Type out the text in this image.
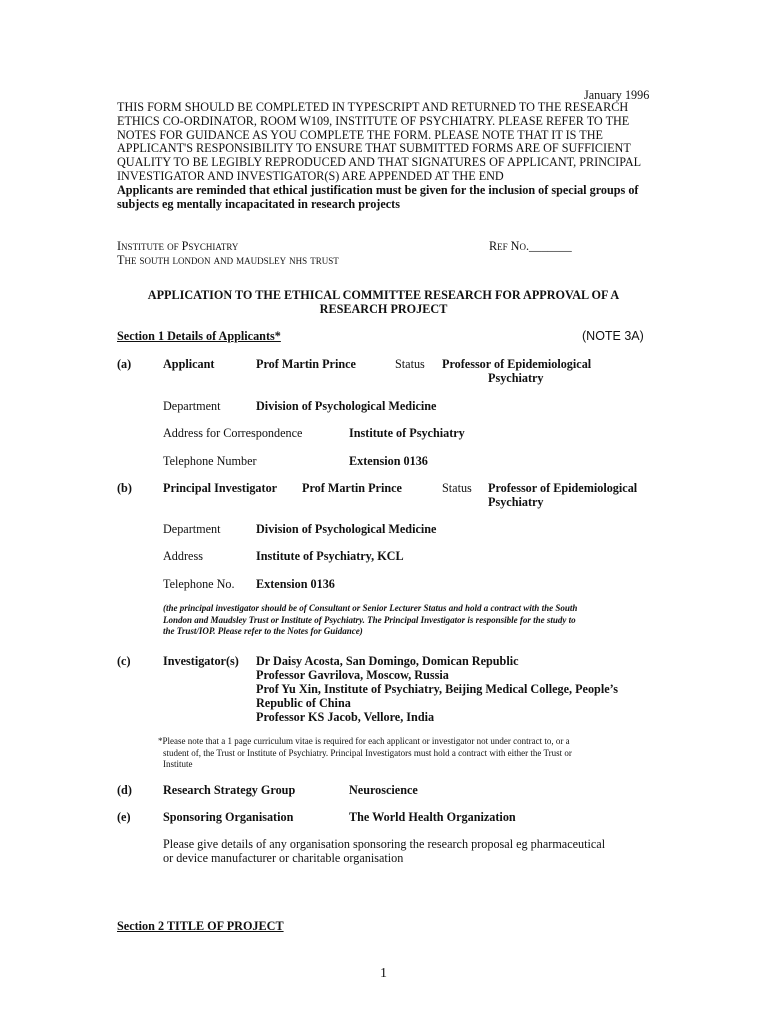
January 1996

THIS FORM SHOULD BE COMPLETED IN TYPESCRIPT AND RETURNED TO THE RESEARCH ETHICS CO-ORDINATOR, ROOM W109, INSTITUTE OF PSYCHIATRY. PLEASE REFER TO THE NOTES FOR GUIDANCE AS YOU COMPLETE THE FORM. PLEASE NOTE THAT IT IS THE APPLICANT'S RESPONSIBILITY TO ENSURE THAT SUBMITTED FORMS ARE OF SUFFICIENT QUALITY TO BE LEGIBLY REPRODUCED AND THAT SIGNATURES OF APPLICANT, PRINCIPAL INVESTIGATOR AND INVESTIGATOR(S) ARE APPENDED AT THE END

Applicants are reminded that ethical justification must be given for the inclusion of special groups of subjects eg mentally incapacitated in research projects

Institute of Psychiatry
The south london and maudsley nhs trust
Ref No._______
APPLICATION TO THE ETHICAL COMMITTEE RESEARCH FOR APPROVAL OF A
RESEARCH PROJECT
Section 1 Details of Applicants*	(NOTE 3A)
(a)	Applicant	Prof Martin Prince	Status Professor of Epidemiological
Psychiatry
Department	Division of Psychological Medicine
Address for Correspondence	Institute of Psychiatry
Telephone Number	Extension 0136
(b)	Principal Investigator Prof Martin Prince	Status Professor of Epidemiological
Psychiatry
Department	Division of Psychological Medicine
Address	Institute of Psychiatry, KCL
Telephone No. Extension 0136
(the principal investigator should be of Consultant or Senior Lecturer Status and hold a contract with the South
London and Maudsley Trust or Institute of Psychiatry. The Principal Investigator is responsible for the study to
the Trust/IOP. Please refer to the Notes for Guidance)
(c)	Investigator(s) Dr Daisy Acosta, San Domingo, Domican Republic
Professor Gavrilova, Moscow, Russia
Prof Yu Xin, Institute of Psychiatry, Beijing Medical College, People’s
Republic of China
Professor KS Jacob, Vellore, India
*Please note that a 1 page curriculum vitae is required for each applicant or investigator not under contract to, or a
student of, the Trust or Institute of Psychiatry. Principal Investigators must hold a contract with either the Trust or
Institute
(d)	Research Strategy Group	Neuroscience
(e)	Sponsoring Organisation	The World Health Organization
Please give details of any organisation sponsoring the research proposal eg pharmaceutical
or device manufacturer or charitable organisation
Section 2 TITLE OF PROJECT
1
